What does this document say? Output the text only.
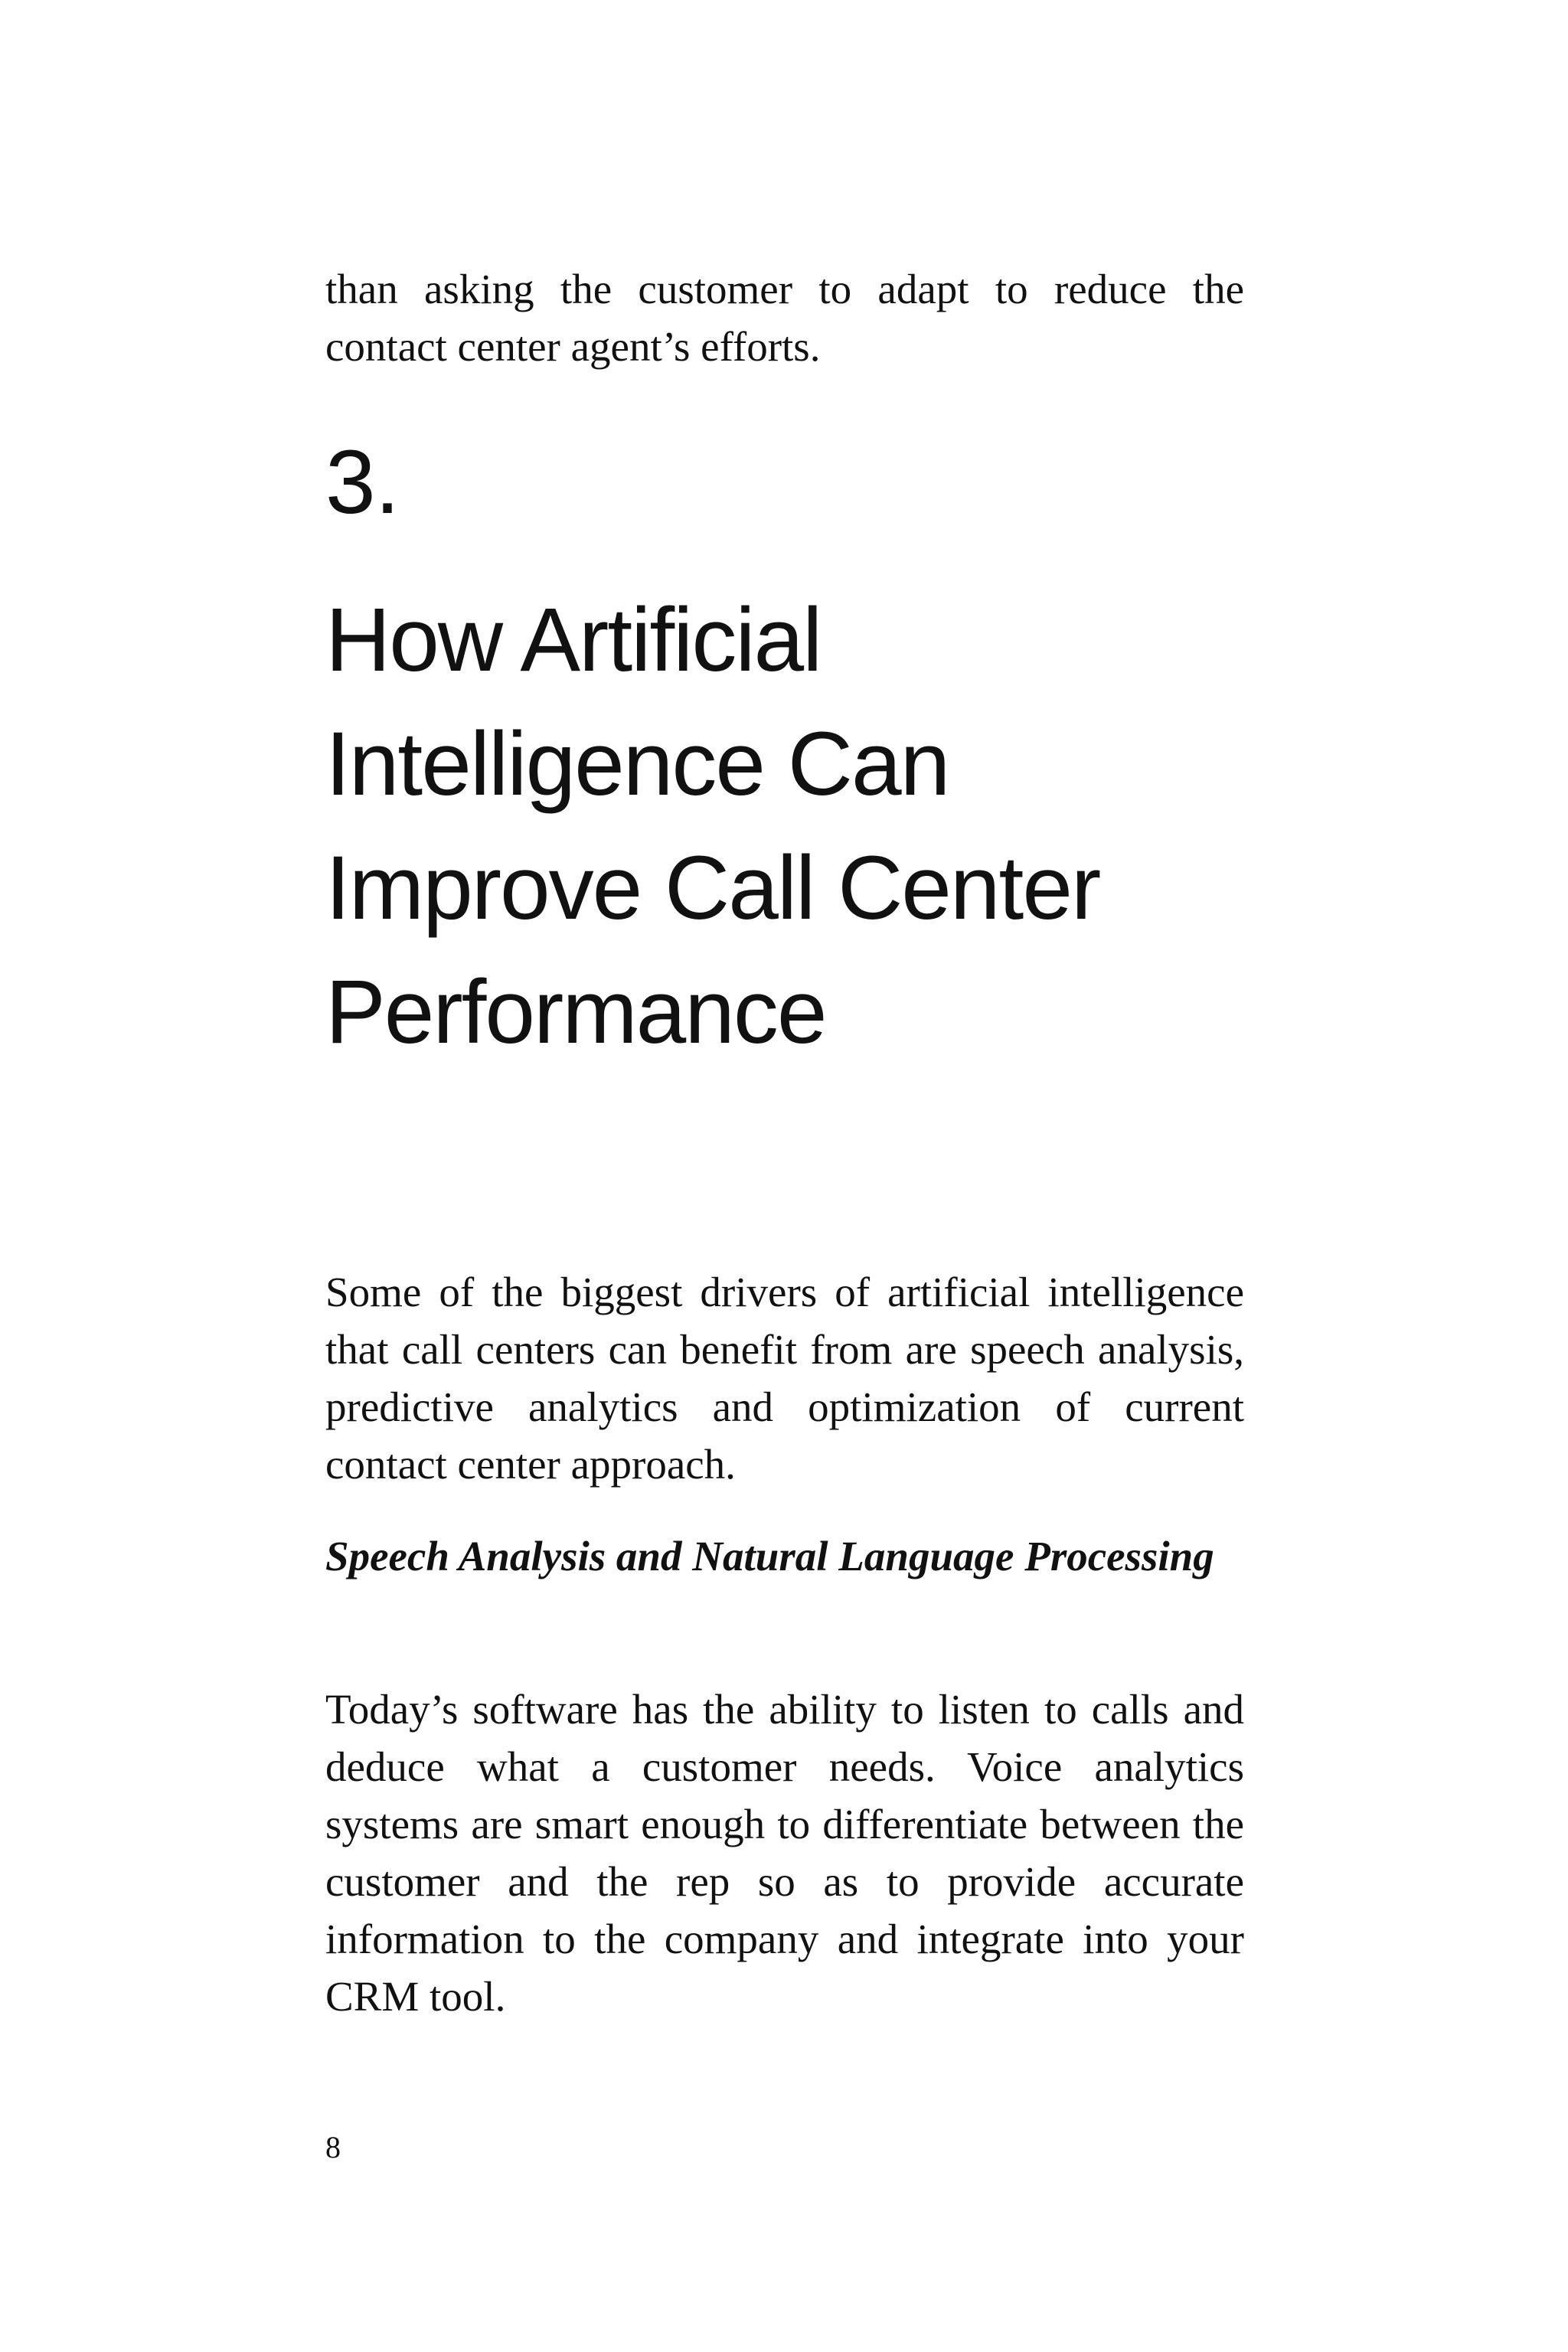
than asking the customer to adapt to reduce the contact center agent’s efforts.

3.
How Artificial Intelligence Can Improve Call Center Performance

Some of the biggest drivers of artificial intelligence that call centers can benefit from are speech analysis, predictive analytics and optimization of current contact center approach.

Speech Analysis and Natural Language Processing

Today’s software has the ability to listen to calls and deduce what a customer needs. Voice analytics systems are smart enough to differentiate between the customer and the rep so as to provide accurate information to the company and integrate into your CRM tool.

8
